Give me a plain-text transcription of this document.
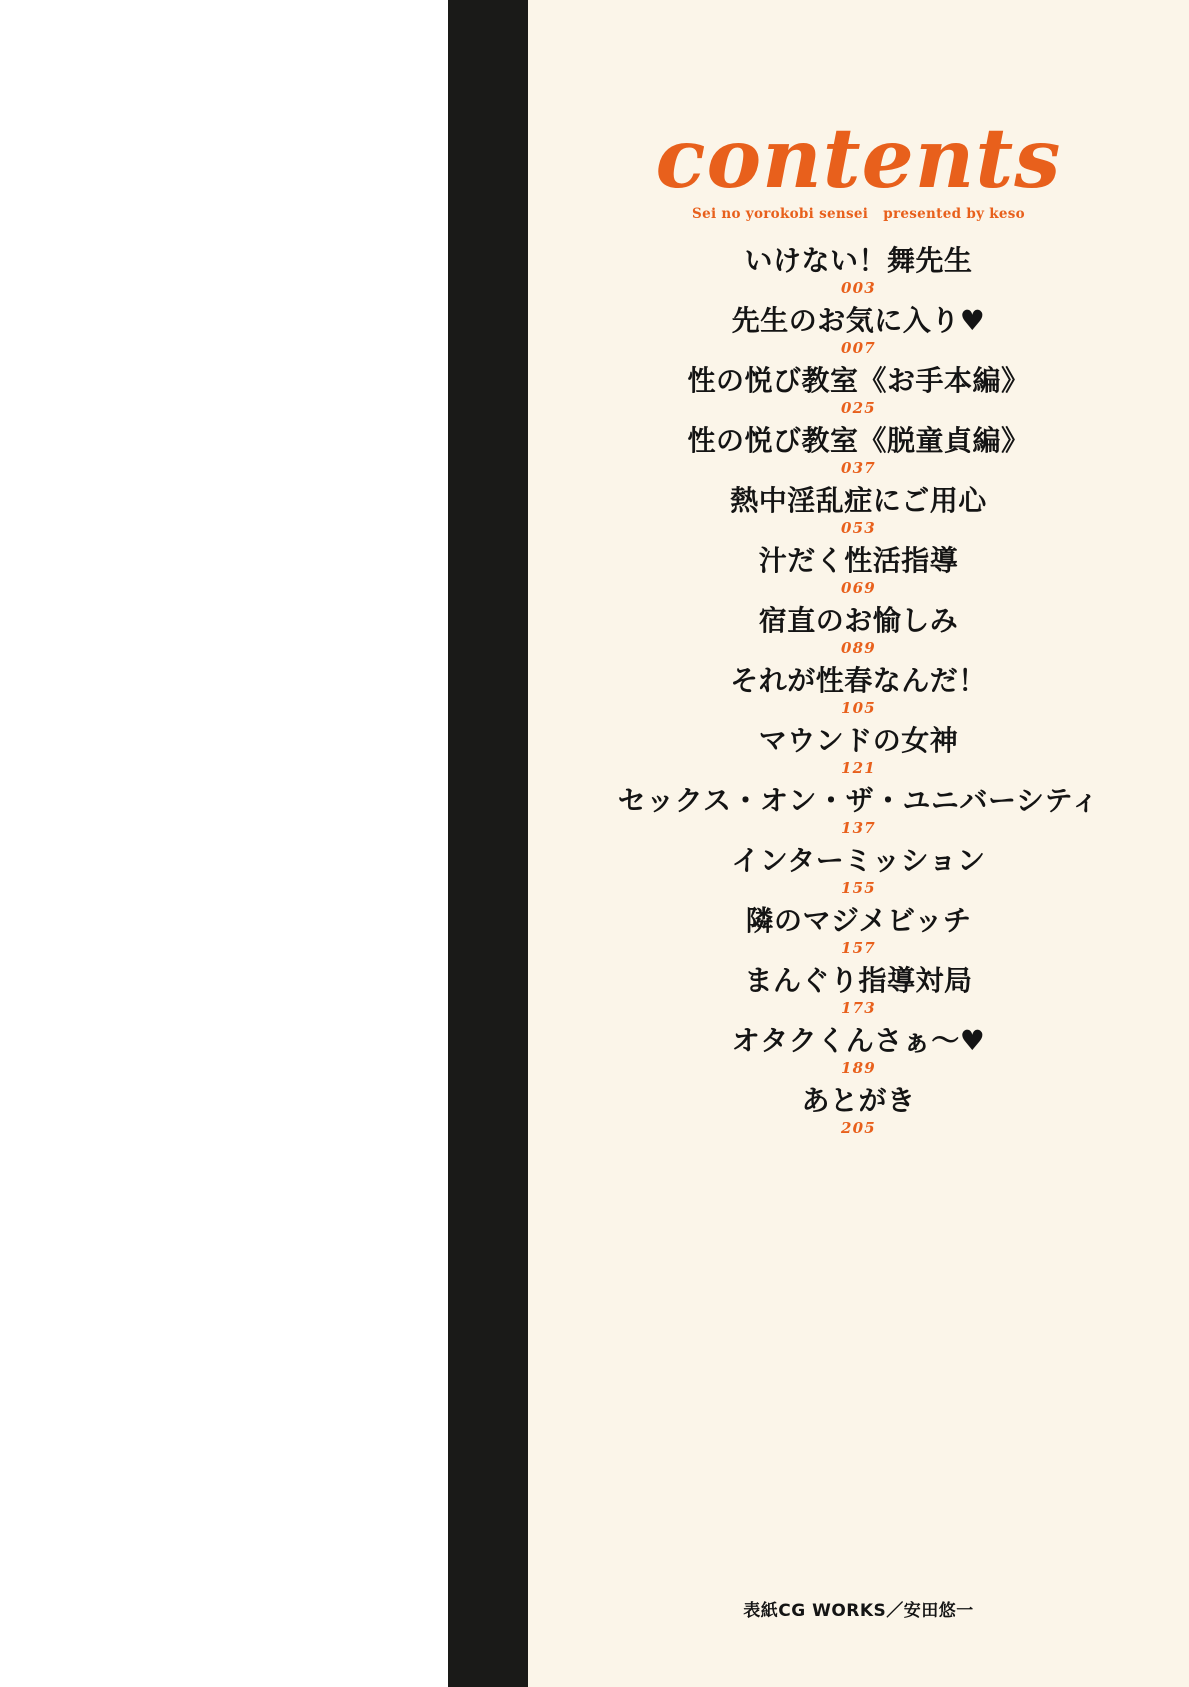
contents
Sei no yorokobi sensei   presented by keso
いけない！舞先生
003
先生のお気に入り♥
007
性の悦び教室《お手本編》
025
性の悦び教室《脱童貞編》
037
熱中淫乱症にご用心
053
汁だく性活指導
069
宿直のお愉しみ
089
それが性春なんだ！
105
マウンドの女神
121
セックス・オン・ザ・ユニバーシティ
137
インターミッション
155
隣のマジメビッチ
157
まんぐり指導対局
173
オタクくんさぁ〜♥
189
あとがき
205
表紙CG WORKS／安田悠一
